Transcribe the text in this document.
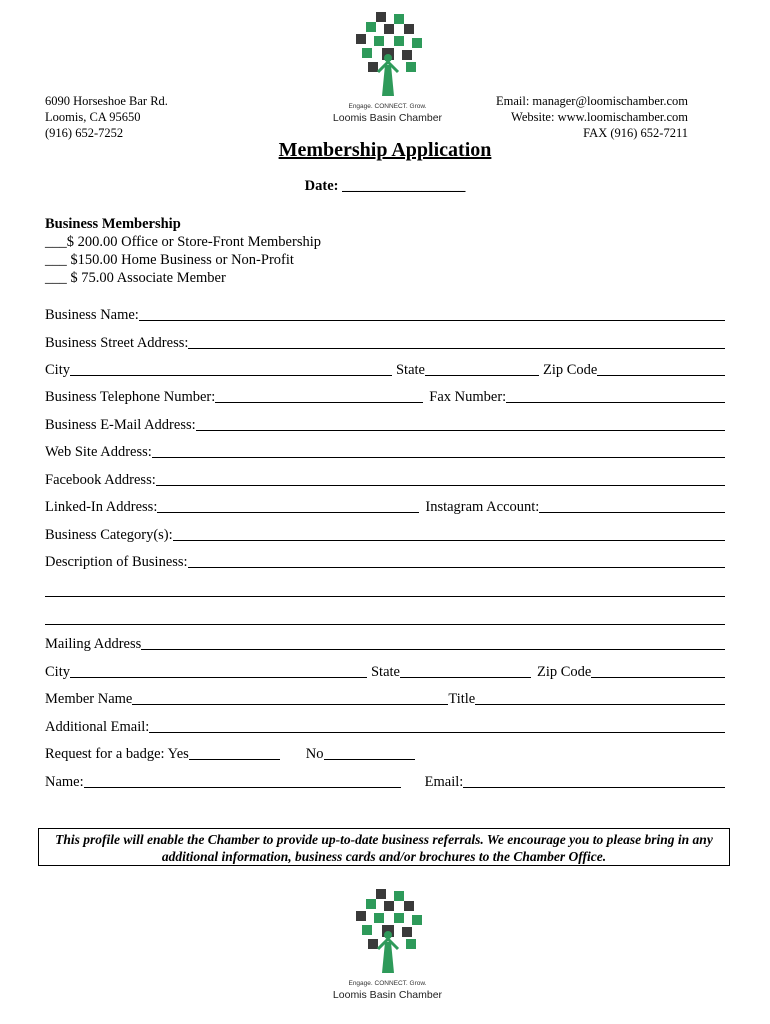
Engage. CONNECT. Grow.
Loomis Basin Chamber
6090 Horseshoe Bar Rd.
Loomis, CA 95650
(916) 652-7252
Email: manager@loomischamber.com
Website: www.loomischamber.com
FAX (916) 652-7211
Membership Application
Date: _________________
Business Membership
___$ 200.00 Office or Store-Front Membership
___ $150.00 Home Business or Non-Profit
___ $ 75.00 Associate Member
Business Name:
Business Street Address:
City	State	Zip Code
Business Telephone Number:	Fax Number:
Business E-Mail Address:
Web Site Address:
Facebook Address:
Linked-In Address:	Instagram Account:
Business Category(s):
Description of Business:
Mailing Address
City	State	Zip Code
Member Name	Title
Additional Email:
Request for a badge: Yes	No
Name:	Email:
This profile will enable the Chamber to provide up-to-date business referrals. We encourage you to please bring in any additional information, business cards and/or brochures to the Chamber Office.
Engage. CONNECT. Grow.
Loomis Basin Chamber
